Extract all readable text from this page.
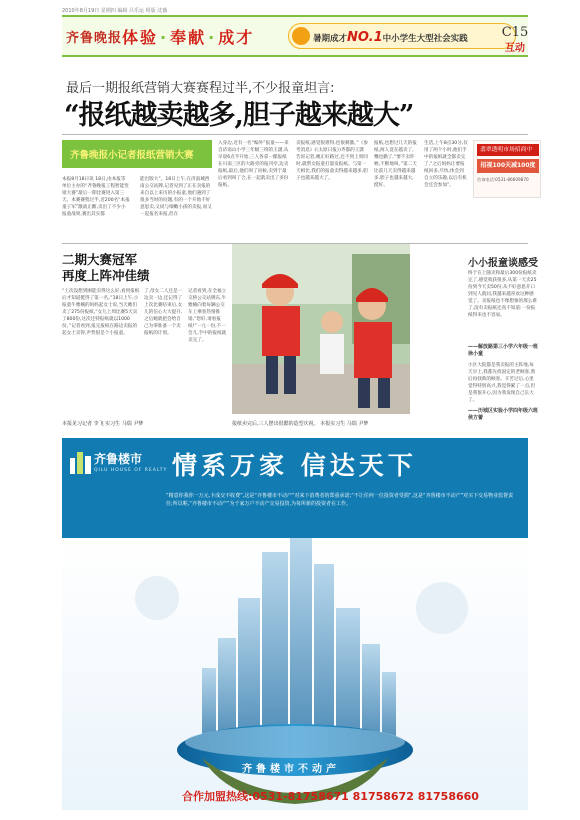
2010年8月19日 星期四 编辑 吕乐运 组版 沈薇
齐鲁晚报 体验 · 奉献 · 成才	暑期成才NO.1中小学生大型社会实践	C15
互动
最后一期报纸营销大赛赛程过半,不少报童坦言:
“报纸越卖越多,胆子越来越大”
齐鲁晚报小记者报纸营销大赛
本报8月18日讯 18日,由本报等单位主办的“齐鲁晚报工程智能变销大赛”最后一期比赛进入第三天。本赛赛程过半,近200名“本报童子军”激战正酣,卖出了不少小报童战果,赛出其实都
能出版大”。18日上午,在济南城西南公交站牌,记者见到了正在卖报的来自以上来历的小报童,他们遇到了很多当时的问题,有的一个开始不好意思卖,又同与细嫩小孩的卖报,而又一起报名来报,但在
入身边,近有一名“编外”报童——来自济南山小学三年级三班的王潇,从早晨6点半开始,三人各拿一摞报纸在川南三区的大路旁的报刊亭,边卖报纸,最后,他们叫了问候,卖到于最后看到叫了合,在一起就卖出了多份报纸。
卖报纸,感觉很难得,也很刺激。”《参考消息》(《太原日报》)齐都的王潇告诉记者,她正好路过,还不到上周同时,就帮女报童打量发报纸。与第一天相比,我们的报童卖得越来越多,胆子也越来越大了。
报纸,也想过几天的报纸,两人竟在越卖了,嘴也勤了,“要不卖吓唬,不断地叫。”第二天比前几天卖得越来越多,胆子也越来越大,挺好。
生活,上午8点30分,仅用了两个小时,他们手中的报纸就全都卖完了,“之后妈妈让要报纸回多,尽快,体会到自立的乐趣,以后有机会还会参加”。
翡翠透明市场招商中
招视100天减100度
咨询电话:0531-86609870
二期大赛冠军
再度上阵冲佳绩
“上次没想到刚能卖得这么好,看到报纸后才知道挺得了第一名。”18日上午,小报童牛雅楠的妈妈起女士说,当天她们卖了275份报纸,“女儿上周比赛5天卖了800份,这次还特报纸就以1000份。”记者看到,报完报纸在路边卖报的起女士卖得,声势很是个小报童。
了,母女二人还是一边卖一边,还记得了上次比赛结束后,女儿的信心大大提升,之后她就把会给自己为零准备一个卖报纸的计划。
记者看到,在全福立交桥公交站牌东,牛雅楠向着每辆公交车上乘客热情推销,“您好,请看报纸!”一元一份,不一会儿,手中的报纸就卖完了。
报纸卖完后,三人摆出很酷的造型庆祝。 本报实习生 马瑞 尹梦
本报见习记者 李飞 实习生 马瑞 尹梦
小小报童谈感受
终于在上随卖和最后300份报纸卖完了,感觉收获很多,从第一天卖25份到今天卖50份,从不好意思开口到见人就问,我越来越喜欢这种感觉了。卖报纸也不像想象的那么难了,没有卖报纸还真不知道:一份报纸得来也不容易。
——解放路第三小学六年级一班 徐小童
小区大院都是我卖报的主阵地,每天早上,我都先找固定的老顾客,然后再找新的顾客。辛苦过后,心里觉得特别高兴,我觉得累了一点,但是我很开心,因为我发现自己长大了。
——历城区实验小学四年级六班 侯方蕾
齐鲁楼市
QILU HOUSE OF REALTY 情系万家 信达天下
“精意你我你一万元,卡成交不收费”,这是“齐鲁楼市不动产”对来下消费者的郑重承诺;“不让任何一位投资者受损”,这是“齐鲁楼市不动产”对买下交易物业监督责任;所以呢,“齐鲁楼市不动产”为千家万户不动产交易投资,为每所新的投资者在工作。
齐鲁楼市不动产
合作加盟热线:0531-81758671 81758672 81758660
